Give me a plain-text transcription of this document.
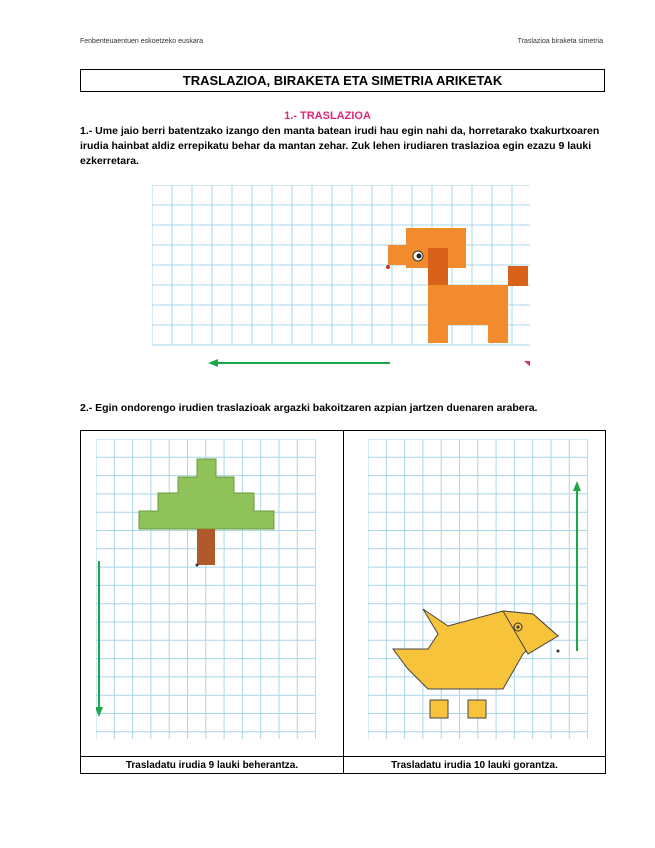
Fenbenteuaentuen eskoetzeko euskara	Traslazioa biraketa simetria
TRASLAZIOA, BIRAKETA ETA SIMETRIA ARIKETAK
1.- TRASLAZIOA
1.- Ume jaio berri batentzako izango den manta batean irudi hau egin nahi da, horretarako txakurtxoaren irudia hainbat aldiz errepikatu behar da mantan zehar. Zuk lehen irudiaren traslazioa egin ezazu 9 lauki ezkerretara.
2.- Egin ondorengo irudien traslazioak argazki bakoitzaren azpian jartzen duenaren arabera.
Trasladatu irudia 9 lauki beherantza.	Trasladatu irudia 10 lauki gorantza.
